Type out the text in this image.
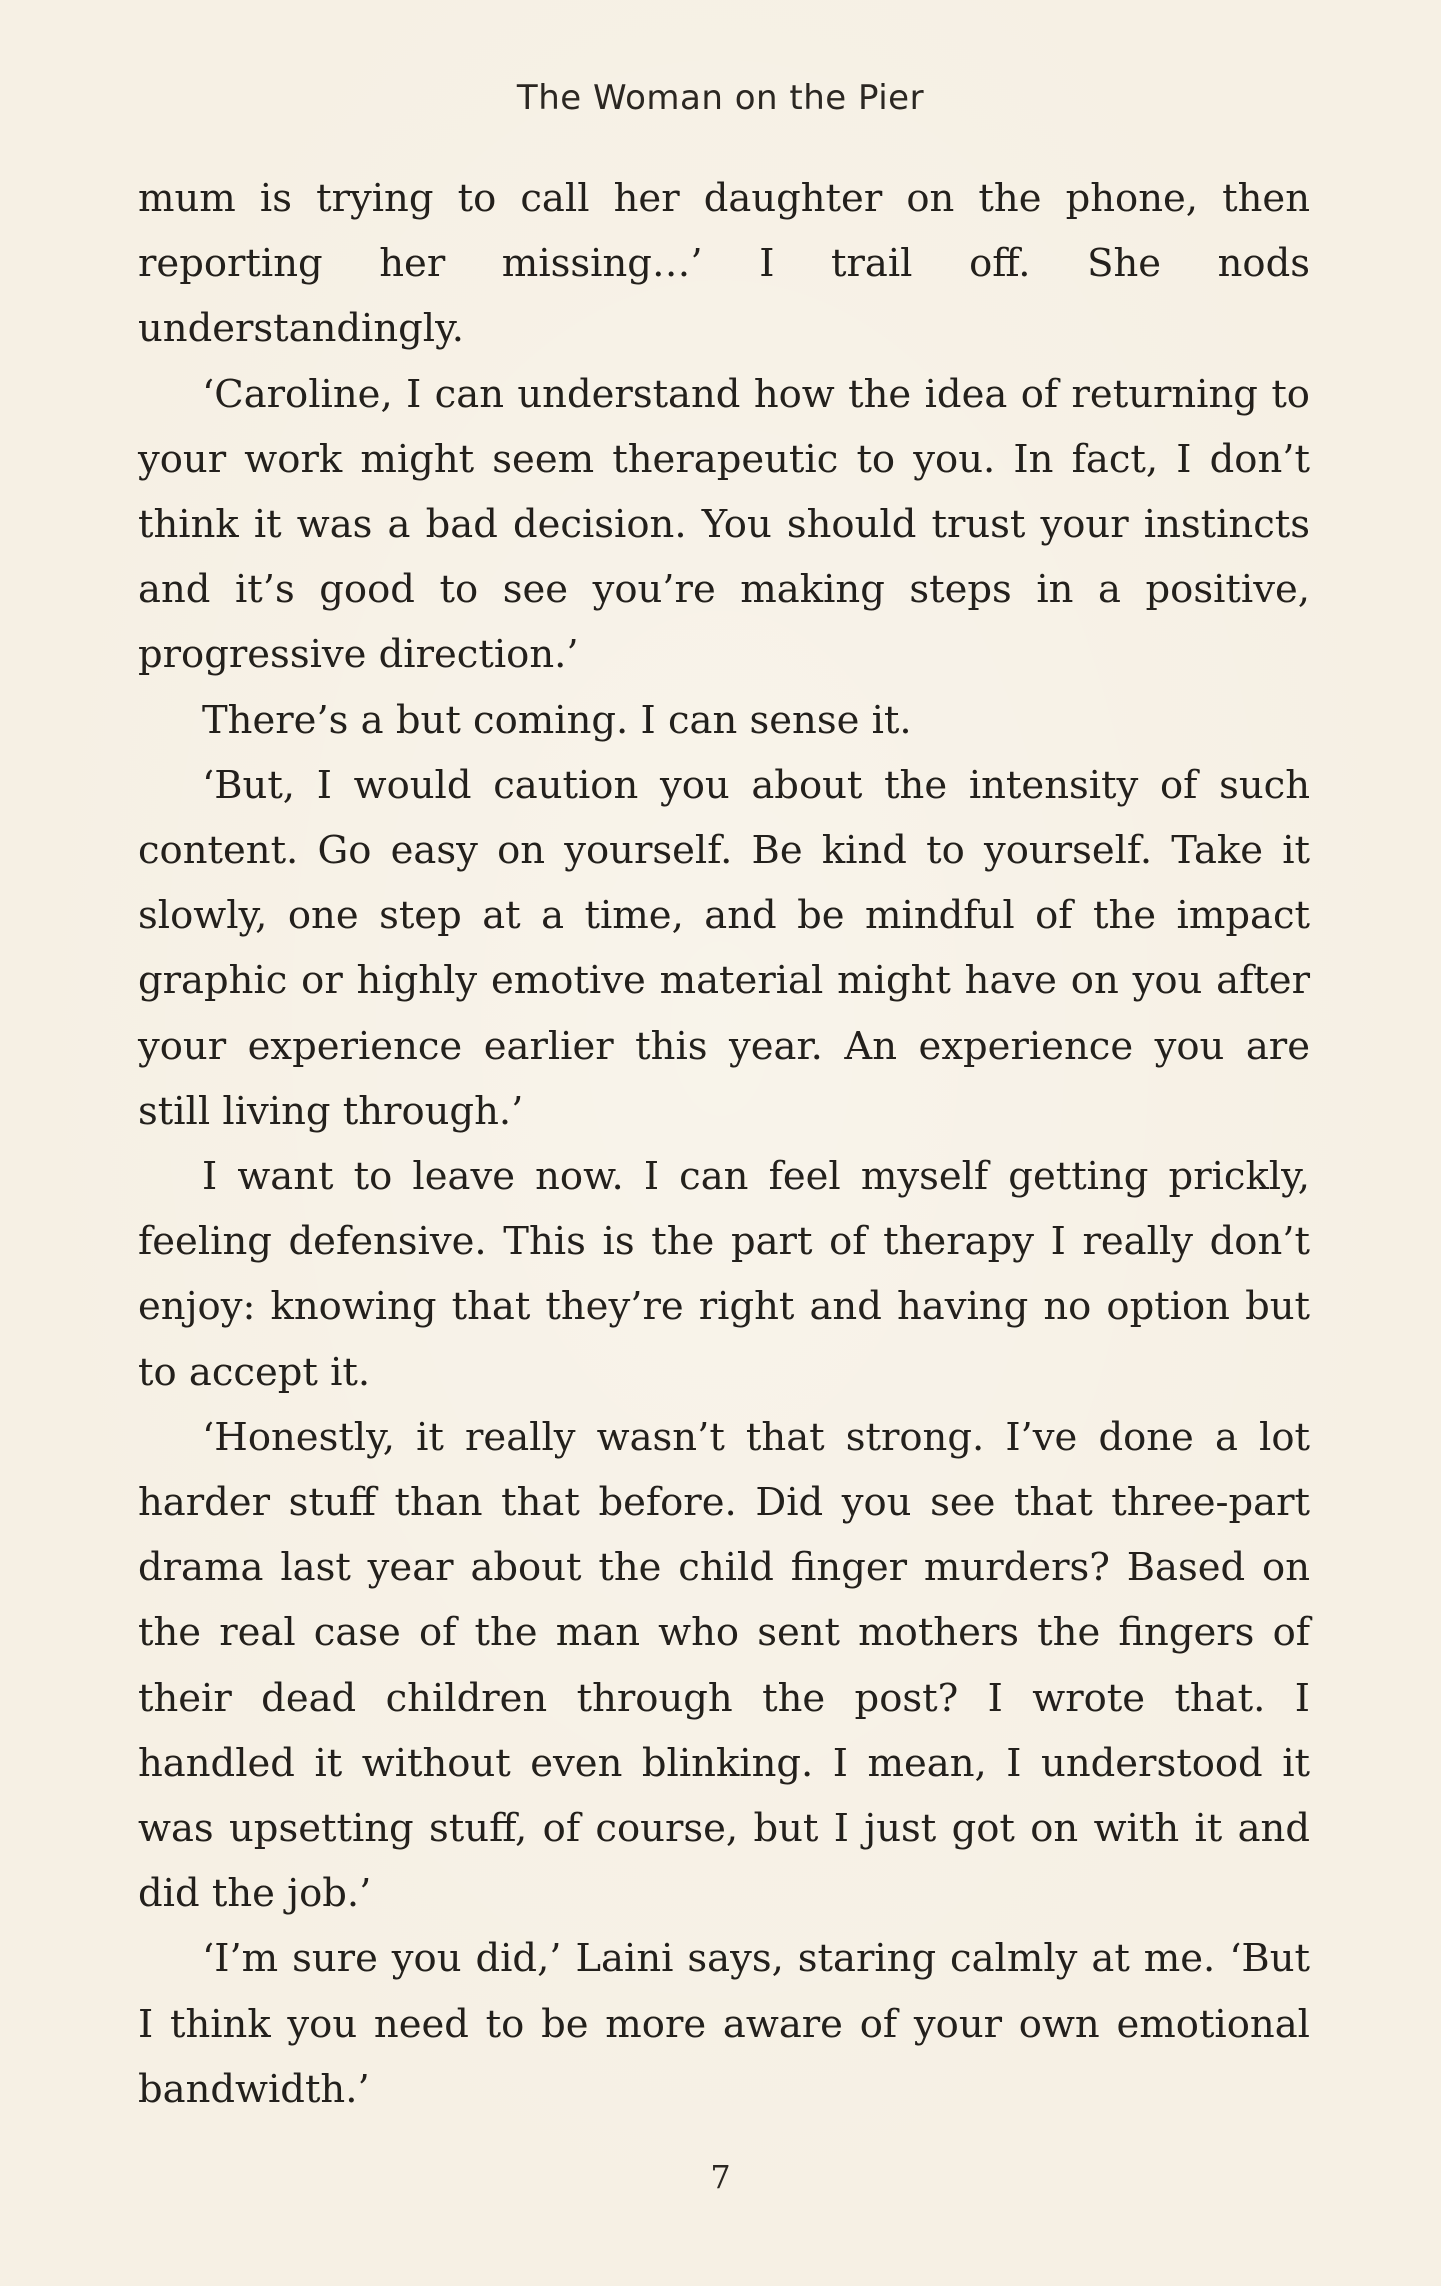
The Woman on the Pier

mum is trying to call her daughter on the phone, then reporting her missing…’ I trail off. She nods understandingly.

‘Caroline, I can understand how the idea of returning to your work might seem therapeutic to you. In fact, I don’t think it was a bad decision. You should trust your instincts and it’s good to see you’re making steps in a positive, progressive direction.’

There’s a but coming. I can sense it.

‘But, I would caution you about the intensity of such content. Go easy on yourself. Be kind to yourself. Take it slowly, one step at a time, and be mindful of the impact graphic or highly emotive material might have on you after your experience earlier this year. An experience you are still living through.’

I want to leave now. I can feel myself getting prickly, feeling defensive. This is the part of therapy I really don’t enjoy: knowing that they’re right and having no option but to accept it.

‘Honestly, it really wasn’t that strong. I’ve done a lot harder stuff than that before. Did you see that three-part drama last year about the child finger murders? Based on the real case of the man who sent mothers the fingers of their dead children through the post? I wrote that. I handled it without even blinking. I mean, I understood it was upsetting stuff, of course, but I just got on with it and did the job.’

‘I’m sure you did,’ Laini says, staring calmly at me. ‘But I think you need to be more aware of your own emotional bandwidth.’

7
